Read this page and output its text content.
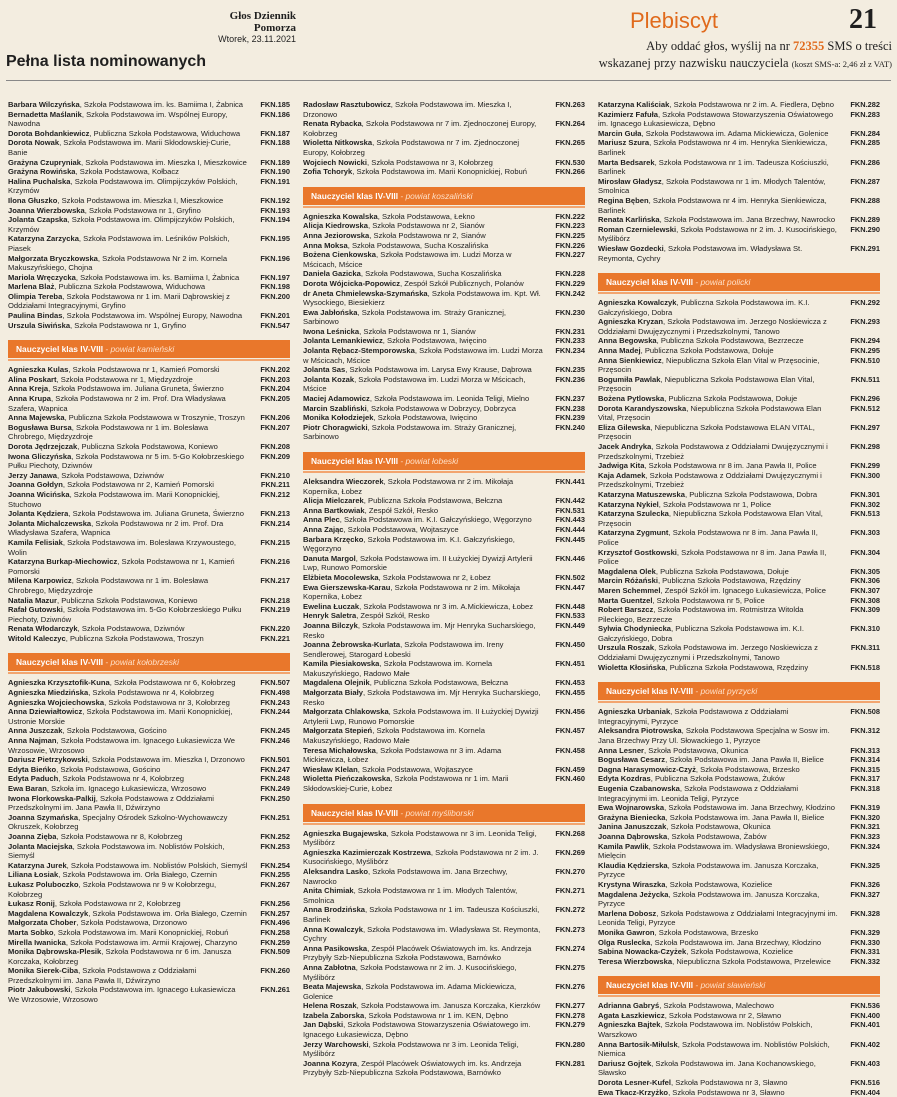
Głos Dziennik Pomorza
Wtorek, 23.11.2021
Pełna lista nominowanych
Plebiscyt	21
Aby oddać głos, wyślij na nr 72355 SMS o treści
wskazanej przy nazwisku nauczyciela (koszt SMS-a: 2,46 zł z VAT)
Barbara Wilczyńska, Szkoła Podstawowa im. ks. Bamiima I, Żabnica	FKN.185
Bernadetta Maślanik, Szkoła Podstawowa im. Wspólnej Europy, Nawodna
FKN.186
Dorota Bohdankiewicz, Publiczna Szkoła Podstawowa, Widuchowa	FKN.187
Dorota Nowak, Szkoła Podstawowa im. Marii Skłodowskiej-Curie, Banie
FKN.188
Grażyna Czupryniak, Szkoła Podstawowa im. Mieszka I, Mieszkowice	FKN.189
Grażyna Rowińska, Szkoła Podstawowa, Kołbacz	FKN.190
Halina Puchalska, Szkoła Podstawowa im. Olimpijczyków Polskich, Krzymów
FKN.191
Ilona Głuszko, Szkoła Podstawowa im. Mieszka I, Mieszkowice	FKN.192
Joanna Wierzbowska, Szkoła Podstawowa nr 1, Gryfino	FKN.193
Jolanta Czapska, Szkoła Podstawowa im. Olimpijczyków Polskich, Krzymów
FKN.194
Katarzyna Zarzycka, Szkoła Podstawowa im. Leśników Polskich, Piasek
FKN.195
Małgorzata Bryczkowska, Szkoła Podstawowa Nr 2 im. Kornela Makuszyńskiego, Chojna
FKN.196
Mariola Wręczycka, Szkoła Podstawowa im. ks. Bamiima I, Żabnica	FKN.197
Marlena Blaż, Publiczna Szkoła Podstawowa, Widuchowa	FKN.198
Olimpia Tereba, Szkoła Podstawowa nr 1 im. Marii Dąbrowskiej z Oddziałami Integracyjnymi, Gryfino
FKN.200
Paulina Bindas, Szkoła Podstawowa im. Wspólnej Europy, Nawodna	FKN.201
Urszula Siwińska, Szkoła Podstawowa nr 1, Gryfino	FKN.547
Nauczyciel klas IV-VIII - powiat kamieński
Agnieszka Kulas, Szkoła Podstawowa nr 1, Kamień Pomorski	FKN.202
Alina Poskart, Szkoła Podstawowa nr 1, Międzyzdroje	FKN.203
Anna Kreja, Szkoła Podstawowa im. Juliana Gruneta, Świerzno	FKN.204
Anna Krupa, Szkoła Podstawowa nr 2 im. Prof. Dra Władysława Szafera, Wapnica
FKN.205
Anna Majewska, Publiczna Szkoła Podstawowa w Troszynie, Troszyn	FKN.206
Bogusława Bursa, Szkoła Podstawowa nr 1 im. Bolesława Chrobrego, Międzyzdroje
FKN.207
Dorota Jędrzejczak, Publiczna Szkoła Podstawowa, Koniewo	FKN.208
Iwona Gliczyńska, Szkoła Podstawowa nr 5 im. 5-Go Kołobrzeskiego Pułku Piechoty, Dziwnów
FKN.209
Jerzy Janawa, Szkoła Podstawowa, Dziwnów	FKN.210
Joanna Gołdyn, Szkoła Podstawowa nr 2, Kamień Pomorski	FKN.211
Joanna Wicińska, Szkoła Podstawowa im. Marii Konopnickiej, Stuchowo
FKN.212
Jolanta Kędziera, Szkoła Podstawowa im. Juliana Gruneta, Świerzno	FKN.213
Jolanta Michalczewska, Szkoła Podstawowa nr 2 im. Prof. Dra Władysława Szafera, Wapnica
FKN.214
Kamila Felisiak, Szkoła Podstawowa im. Bolesława Krzywoustego, Wolin
FKN.215
Katarzyna Burkap-Miechowicz, Szkoła Podstawowa nr 1, Kamień Pomorski
FKN.216
Milena Karpowicz, Szkoła Podstawowa nr 1 im. Bolesława Chrobrego, Międzyzdroje
FKN.217
Natalia Mazur, Publiczna Szkoła Podstawowa, Koniewo	FKN.218
Rafał Gutowski, Szkoła Podstawowa im. 5-Go Kołobrzeskiego Pułku Piechoty, Dziwnów
FKN.219
Renata Włodarczyk, Szkoła Podstawowa, Dziwnów	FKN.220
Witold Kaleczyc, Publiczna Szkoła Podstawowa, Troszyn	FKN.221
Nauczyciel klas IV-VIII - powiat kołobrzeski
Agnieszka Krzysztofik-Kuna, Szkoła Podstawowa nr 6, Kołobrzeg	FKN.507
Agnieszka Miedzińska, Szkoła Podstawowa nr 4, Kołobrzeg	FKN.498
Agnieszka Wojciechowska, Szkoła Podstawowa nr 3, Kołobrzeg	FKN.243
Anna Dziewiałtowicz, Szkoła Podstawowa im. Marii Konopnickiej, Ustronie Morskie
FKN.244
Anna Juszczak, Szkoła Podstawowa, Gościno	FKN.245
Anna Najman, Szkoła Podstawowa im. Ignacego Łukasiewicza We Wrzosowie, Wrzosowo
FKN.246
Dariusz Pietrzykowski, Szkoła Podstawowa im. Mieszka I, Drzonowo	FKN.501
Edyta Bieńko, Szkoła Podstawowa, Gościno	FKN.247
Edyta Paduch, Szkoła Podstawowa nr 4, Kołobrzeg	FKN.248
Ewa Baran, Szkoła im. Ignacego Łukasiewicza, Wrzosowo	FKN.249
Iwona Florkowska-Palkij, Szkoła Podstawowa z Oddziałami Przedszkolnymi im. Jana Pawła II, Dźwirzyno
FKN.250
Joanna Szymańska, Specjalny Ośrodek Szkolno-Wychowawczy Okruszek, Kołobrzeg
FKN.251
Joanna Zięba, Szkoła Podstawowa nr 8, Kołobrzeg	FKN.252
Jolanta Maciejska, Szkoła Podstawowa im. Noblistów Polskich, Siemyśl
FKN.253
Katarzyna Jurek, Szkoła Podstawowa im. Noblistów Polskich, Siemyśl	FKN.254
Liliana Łosiak, Szkoła Podstawowa im. Orła Białego, Czernin	FKN.255
Łukasz Poluboczko, Szkoła Podstawowa nr 9 w Kołobrzegu, Kołobrzeg
FKN.267
Łukasz Ronij, Szkoła Podstawowa nr 2, Kołobrzeg	FKN.256
Magdalena Kowalczyk, Szkoła Podstawowa im. Orła Białego, Czernin	FKN.257
Małgorzata Chober, Szkoła Podstawowa, Drzonowo	FKN.496
Marta Sobko, Szkoła Podstawowa im. Marii Konopnickiej, Robuń	FKN.258
Mirella Iwanicka, Szkoła Podstawowa im. Armii Krajowej, Charzyno	FKN.259
Monika Dąbrowska-Plesik, Szkoła Podstawowa nr 6 im. Janusza Korczaka, Kołobrzeg
FKN.509
Monika Sierek-Ciba, Szkoła Podstawowa z Oddziałami Przedszkolnymi im. Jana Pawła II, Dźwirzyno
FKN.260
Piotr Jakubowski, Szkoła Podstawowa im. Ignacego Łukasiewicza We Wrzosowie, Wrzosowo
FKN.261
Radosław Rasztubowicz, Szkoła Podstawowa im. Mieszka I, Drzonowo
FKN.263
Renata Rybacka, Szkoła Podstawowa nr 7 im. Zjednoczonej Europy, Kołobrzeg
FKN.264
Wioletta Nitkowska, Szkoła Podstawowa nr 7 im. Zjednoczonej Europy, Kołobrzeg
FKN.265
Wojciech Nowicki, Szkoła Podstawowa nr 3, Kołobrzeg	FKN.530
Zofia Tchoryk, Szkoła Podstawowa im. Marii Konopnickiej, Robuń	FKN.266
Nauczyciel klas IV-VIII - powiat koszaliński
Agnieszka Kowalska, Szkoła Podstawowa, Łekno	FKN.222
Alicja Kiedrowska, Szkoła Podstawowa nr 2, Sianów	FKN.223
Anna Jeziorowska, Szkoła Podstawowa nr 2, Sianów	FKN.225
Anna Moksa, Szkoła Podstawowa, Sucha Koszalińska	FKN.226
Bożena Cienkowska, Szkoła Podstawowa im. Ludzi Morza w Mścicach, Mścice
FKN.227
Daniela Gazicka, Szkoła Podstawowa, Sucha Koszalińska	FKN.228
Dorota Wójcicka-Popowicz, Zespół Szkół Publicznych, Polanów	FKN.229
dr Aneta Chmielewska-Szymańska, Szkoła Podstawowa im. Kpt. Wł. Wysockiego, Biesiekierz
FKN.242
Ewa Jabłońska, Szkoła Podstawowa im. Straży Granicznej, Sarbinowo
FKN.230
Iwona Leśnicka, Szkoła Podstawowa nr 1, Sianów	FKN.231
Jolanta Lemankiewicz, Szkoła Podstawowa, Iwięcino	FKN.233
Jolanta Rębacz-Stemporowska, Szkoła Podstawowa im. Ludzi Morza w Mścicach, Mścice
FKN.234
Jolanta Sas, Szkoła Podstawowa im. Larysa Ewy Krause, Dąbrowa	FKN.235
Jolanta Kozak, Szkoła Podstawowa im. Ludzi Morza w Mścicach, Mścice
FKN.236
Maciej Adamowicz, Szkoła Podstawowa im. Leonida Teligi, Mielno	FKN.237
Marcin Szabliński, Szkoła Podstawowa w Dobrzycy, Dobrzyca	FKN.238
Monika Kołodziejek, Szkoła Podstawowa, Iwięcino	FKN.239
Piotr Choragwicki, Szkoła Podstawowa im. Straży Granicznej, Sarbinowo
FKN.240
Nauczyciel klas IV-VIII - powiat łobeski
Aleksandra Wieczorek, Szkoła Podstawowa nr 2 im. Mikołaja Kopernika, Łobez
FKN.441
Alicja Mielczarek, Publiczna Szkoła Podstawowa, Bełczna	FKN.442
Anna Bartkowiak, Zespół Szkół, Resko	FKN.531
Anna Plec, Szkoła Podstawowa im. K.I. Gałczyńskiego, Węgorzyno	FKN.443
Anna Zając, Szkoła Podstawowa, Wojtaszyce	FKN.444
Barbara Krzęcko, Szkoła Podstawowa im. K.I. Gałczyńskiego, Węgorzyno
FKN.445
Danuta Margol, Szkoła Podstawowa im. II Łużyckiej Dywizji Artylerii Lwp, Runowo Pomorskie
FKN.446
Elżbieta Mocolewska, Szkoła Podstawowa nr 2, Łobez	FKN.502
Ewa Gierszewska-Karau, Szkoła Podstawowa nr 2 im. Mikołaja Kopernika, Łobez
FKN.447
Ewelina Łuczak, Szkoła Podstawowa nr 3 im. A.Mickiewicza, Łobez	FKN.448
Henryk Saletra, Zespół Szkół, Resko	FKN.533
Joanna Bilczyk, Szkoła Podstawowa im. Mjr Henryka Sucharskiego, Resko
FKN.449
Joanna Żebrowska-Kurlata, Szkoła Podstawowa im. Ireny Sendlerowej, Starogard Łobeski
FKN.450
Kamila Piesiakowska, Szkoła Podstawowa im. Kornela Makuszyńskiego, Radowo Małe
FKN.451
Magdalena Olejnik, Publiczna Szkoła Podstawowa, Bełczna	FKN.453
Małgorzata Biały, Szkoła Podstawowa im. Mjr Henryka Sucharskiego, Resko
FKN.455
Małgorzata Chlakowska, Szkoła Podstawowa im. II Łużyckiej Dywizji Artylerii Lwp, Runowo Pomorskie
FKN.456
Małgorzata Stepień, Szkoła Podstawowa im. Kornela Makuszyńskiego, Radowo Małe
FKN.457
Teresa Michałowska, Szkoła Podstawowa nr 3 im. Adama Mickiewicza, Łobez
FKN.458
Wiesław Klelan, Szkoła Podstawowa, Wojtaszyce	FKN.459
Wioletta Pieńczakowska, Szkoła Podstawowa nr 1 im. Marii Skłodowskiej-Curie, Łobez
FKN.460
Nauczyciel klas IV-VIII - powiat myśliborski
Agnieszka Bugajewska, Szkoła Podstawowa nr 3 im. Leonida Teligi, Myślibórz
FKN.268
Agnieszka Kazimierczak Kostrzewa, Szkoła Podstawowa nr 2 im. J. Kusocińskiego, Myślibórz
FKN.269
Aleksandra Lasko, Szkoła Podstawowa im. Jana Brzechwy, Nawrocko
FKN.270
Anita Chimiak, Szkoła Podstawowa nr 1 im. Młodych Talentów, Smolnica
FKN.271
Anna Brodzińska, Szkoła Podstawowa nr 1 im. Tadeusza Kościuszki, Barlinek
FKN.272
Anna Kowalczyk, Szkoła Podstawowa im. Władysława St. Reymonta, Cychry
FKN.273
Anna Pasikowska, Zespół Placówek Oświatowych im. ks. Andrzeja Przybyły Szb-Niepubliczna Szkoła Podstawowa, Barnówko
FKN.274
Anna Zabłotna, Szkoła Podstawowa nr 2 im. J. Kusocińskiego, Myślibórz
FKN.275
Beata Majewska, Szkoła Podstawowa im. Adama Mickiewicza, Golenice
FKN.276
Helena Roszak, Szkoła Podstawowa im. Janusza Korczaka, Kierzków	FKN.277
Izabela Zaborska, Szkoła Podstawowa nr 1 im. KEN, Dębno	FKN.278
Jan Dąbski, Szkoła Podstawowa Stowarzyszenia Oświatowego im. Ignacego Łukasiewicza, Dębno
FKN.279
Jerzy Warchowski, Szkoła Podstawowa nr 3 im. Leonida Teligi, Myślibórz
FKN.280
Joanna Kozyra, Zespół Placówek Oświatowych im. ks. Andrzeja Przybyły Szb-Niepubliczna Szkoła Podstawowa, Barnówko
FKN.281
Katarzyna Kaliściak, Szkoła Podstawowa nr 2 im. A. Fiedlera, Dębno	FKN.282
Kazimierz Fafuła, Szkoła Podstawowa Stowarzyszenia Oświatowego im. Ignacego Łukasiewicza, Dębno
FKN.283
Marcin Guła, Szkoła Podstawowa im. Adama Mickiewicza, Golenice	FKN.284
Mariusz Szura, Szkoła Podstawowa nr 4 im. Henryka Sienkiewicza, Barlinek
FKN.285
Marta Bedsarek, Szkoła Podstawowa nr 1 im. Tadeusza Kościuszki, Barlinek
FKN.286
Mirosław Gładysz, Szkoła Podstawowa nr 1 im. Młodych Talentów, Smolnica
FKN.287
Regina Bęben, Szkoła Podstawowa nr 4 im. Henryka Sienkiewicza, Barlinek
FKN.288
Renata Karlińska, Szkoła Podstawowa im. Jana Brzechwy, Nawrocko	FKN.289
Roman Czernielewski, Szkoła Podstawowa nr 2 im. J. Kusocińskiego, Myślibórz
FKN.290
Wiesław Gozdecki, Szkoła Podstawowa im. Władysława St. Reymonta, Cychry
FKN.291
Nauczyciel klas IV-VIII - powiat policki
Agnieszka Kowalczyk, Publiczna Szkoła Podstawowa im. K.I. Gałczyńskiego, Dobra
FKN.292
Agnieszka Kryzan, Szkoła Podstawowa im. Jerzego Noskiewicza z Oddziałami Dwujęzycznymi i Przedszkolnymi, Tanowo
FKN.293
Anna Begowska, Publiczna Szkoła Podstawowa, Bezrzecze	FKN.294
Anna Madej, Publiczna Szkoła Podstawowa, Dołuje	FKN.295
Anna Sienkiewicz, Niepubliczna Szkoła Elan Vital w Przęsocinie, Przęsocin
FKN.510
Bogumiła Pawlak, Niepubliczna Szkoła Podstawowa Elan Vital, Przęsocin
FKN.511
Bożena Pytlowska, Publiczna Szkoła Podstawowa, Dołuje	FKN.296
Dorota Karandyszowska, Niepubliczna Szkoła Podstawowa Elan Vital, Przęsocin
FKN.512
Eliza Gilewska, Niepubliczna Szkoła Podstawowa ELAN VITAL, Przęsocin
FKN.297
Jacek Andryka, Szkoła Podstawowa z Oddziałami Dwujęzycznymi i Przedszkolnymi, Trzebież
FKN.298
Jadwiga Kita, Szkoła Podstawowa nr 8 im. Jana Pawła II, Police	FKN.299
Kaja Adamek, Szkoła Podstawowa z Oddziałami Dwujęzycznymi i Przedszkolnymi, Trzebież
FKN.300
Katarzyna Matuszewska, Publiczna Szkoła Podstawowa, Dobra	FKN.301
Katarzyna Nykiel, Szkoła Podstawowa nr 1, Police	FKN.302
Katarzyna Szulecka, Niepubliczna Szkoła Podstawowa Elan Vital, Przęsocin
FKN.513
Katarzyna Zygmunt, Szkoła Podstawowa nr 8 im. Jana Pawła II, Police
FKN.303
Krzysztof Gostkowski, Szkoła Podstawowa nr 8 im. Jana Pawła II, Police
FKN.304
Magdalena Olek, Publiczna Szkoła Podstawowa, Dołuje	FKN.305
Marcin Różański, Publiczna Szkoła Podstawowa, Rzędziny	FKN.306
Maren Schemmel, Zespół Szkół im. Ignacego Łukasiewicza, Police	FKN.307
Marta Guentzel, Szkoła Podstawowa nr 5, Police	FKN.308
Robert Barszcz, Szkoła Podstawowa im. Rotmistrza Witolda Pileckiego, Bezrzecze
FKN.309
Sylwia Chodyniecka, Publiczna Szkoła Podstawowa im. K.I. Gałczyńskiego, Dobra
FKN.310
Urszula Roszak, Szkoła Podstawowa im. Jerzego Noskiewicza z Oddziałami Dwujęzycznymi i Przedszkolnymi, Tanowo
FKN.311
Wioletta Kłosińska, Publiczna Szkoła Podstawowa, Rzędziny	FKN.518
Nauczyciel klas IV-VIII - powiat pyrzycki
Agnieszka Urbaniak, Szkoła Podstawowa z Oddziałami Integracyjnymi, Pyrzyce
FKN.508
Aleksandra Piotrowska, Szkoła Podstawowa Specjalna w Sosw im. Jana Brzechwy Przy Ul. Słowackiego 1, Pyrzyce
FKN.312
Anna Lesner, Szkoła Podstawowa, Okunica	FKN.313
Bogusława Cesarz, Szkoła Podstawowa im. Jana Pawła II, Bielice	FKN.314
Dagna Harasymowicz-Czyż, Szkoła Podstawowa, Brzesko	FKN.315
Edyta Kozdras, Publiczna Szkoła Podstawowa, Żuków	FKN.317
Eugenia Czabanowska, Szkoła Podstawowa z Oddziałami Integracyjnymi im. Leonida Teligi, Pyrzyce
FKN.318
Ewa Wojnarowska, Szkoła Podstawowa im. Jana Brzechwy, Kłodzino	FKN.319
Grażyna Bieniecka, Szkoła Podstawowa im. Jana Pawła II, Bielice	FKN.320
Janina Januszczak, Szkoła Podstawowa, Okunica	FKN.321
Joanna Dąbrowska, Szkoła Podstawowa, Żabów	FKN.323
Kamila Pawlik, Szkoła Podstawowa im. Władysława Broniewskiego, Mielęcin
FKN.324
Klaudia Kędzierska, Szkoła Podstawowa im. Janusza Korczaka, Pyrzyce
FKN.325
Krystyna Wiraszka, Szkoła Podstawowa, Kozielice	FKN.326
Magdalena Jeżycka, Szkoła Podstawowa im. Janusza Korczaka, Pyrzyce
FKN.327
Marlena Dobosz, Szkoła Podstawowa z Oddziałami Integracyjnymi im. Leonida Teligi, Pyrzyce
FKN.328
Monika Gawron, Szkoła Podstawowa, Brzesko	FKN.329
Olga Ruslecka, Szkoła Podstawowa im. Jana Brzechwy, Kłodzino	FKN.330
Sabina Nowacka-Czyżek, Szkoła Podstawowa, Kozielice	FKN.331
Teresa Wierzbowska, Niepubliczna Szkoła Podstawowa, Przelewice	FKN.332
Nauczyciel klas IV-VIII - powiat sławieński
Adrianna Gabryś, Szkoła Podstawowa, Malechowo	FKN.536
Agata Łaszkiewicz, Szkoła Podstawowa nr 2, Sławno	FKN.400
Agnieszka Bajtek, Szkoła Podstawowa im. Noblistów Polskich, Warszkowo
FKN.401
Anna Bartosik-Miłulsk, Szkoła Podstawowa im. Noblistów Polskich, Niemica
FKN.402
Dariusz Gojtek, Szkoła Podstawowa im. Jana Kochanowskiego, Sławsko
FKN.403
Dorota Lesner-Kufel, Szkoła Podstawowa nr 3, Sławno	FKN.516
Ewa Tkacz-Krzyżko, Szkoła Podstawowa nr 3, Sławno	FKN.404
